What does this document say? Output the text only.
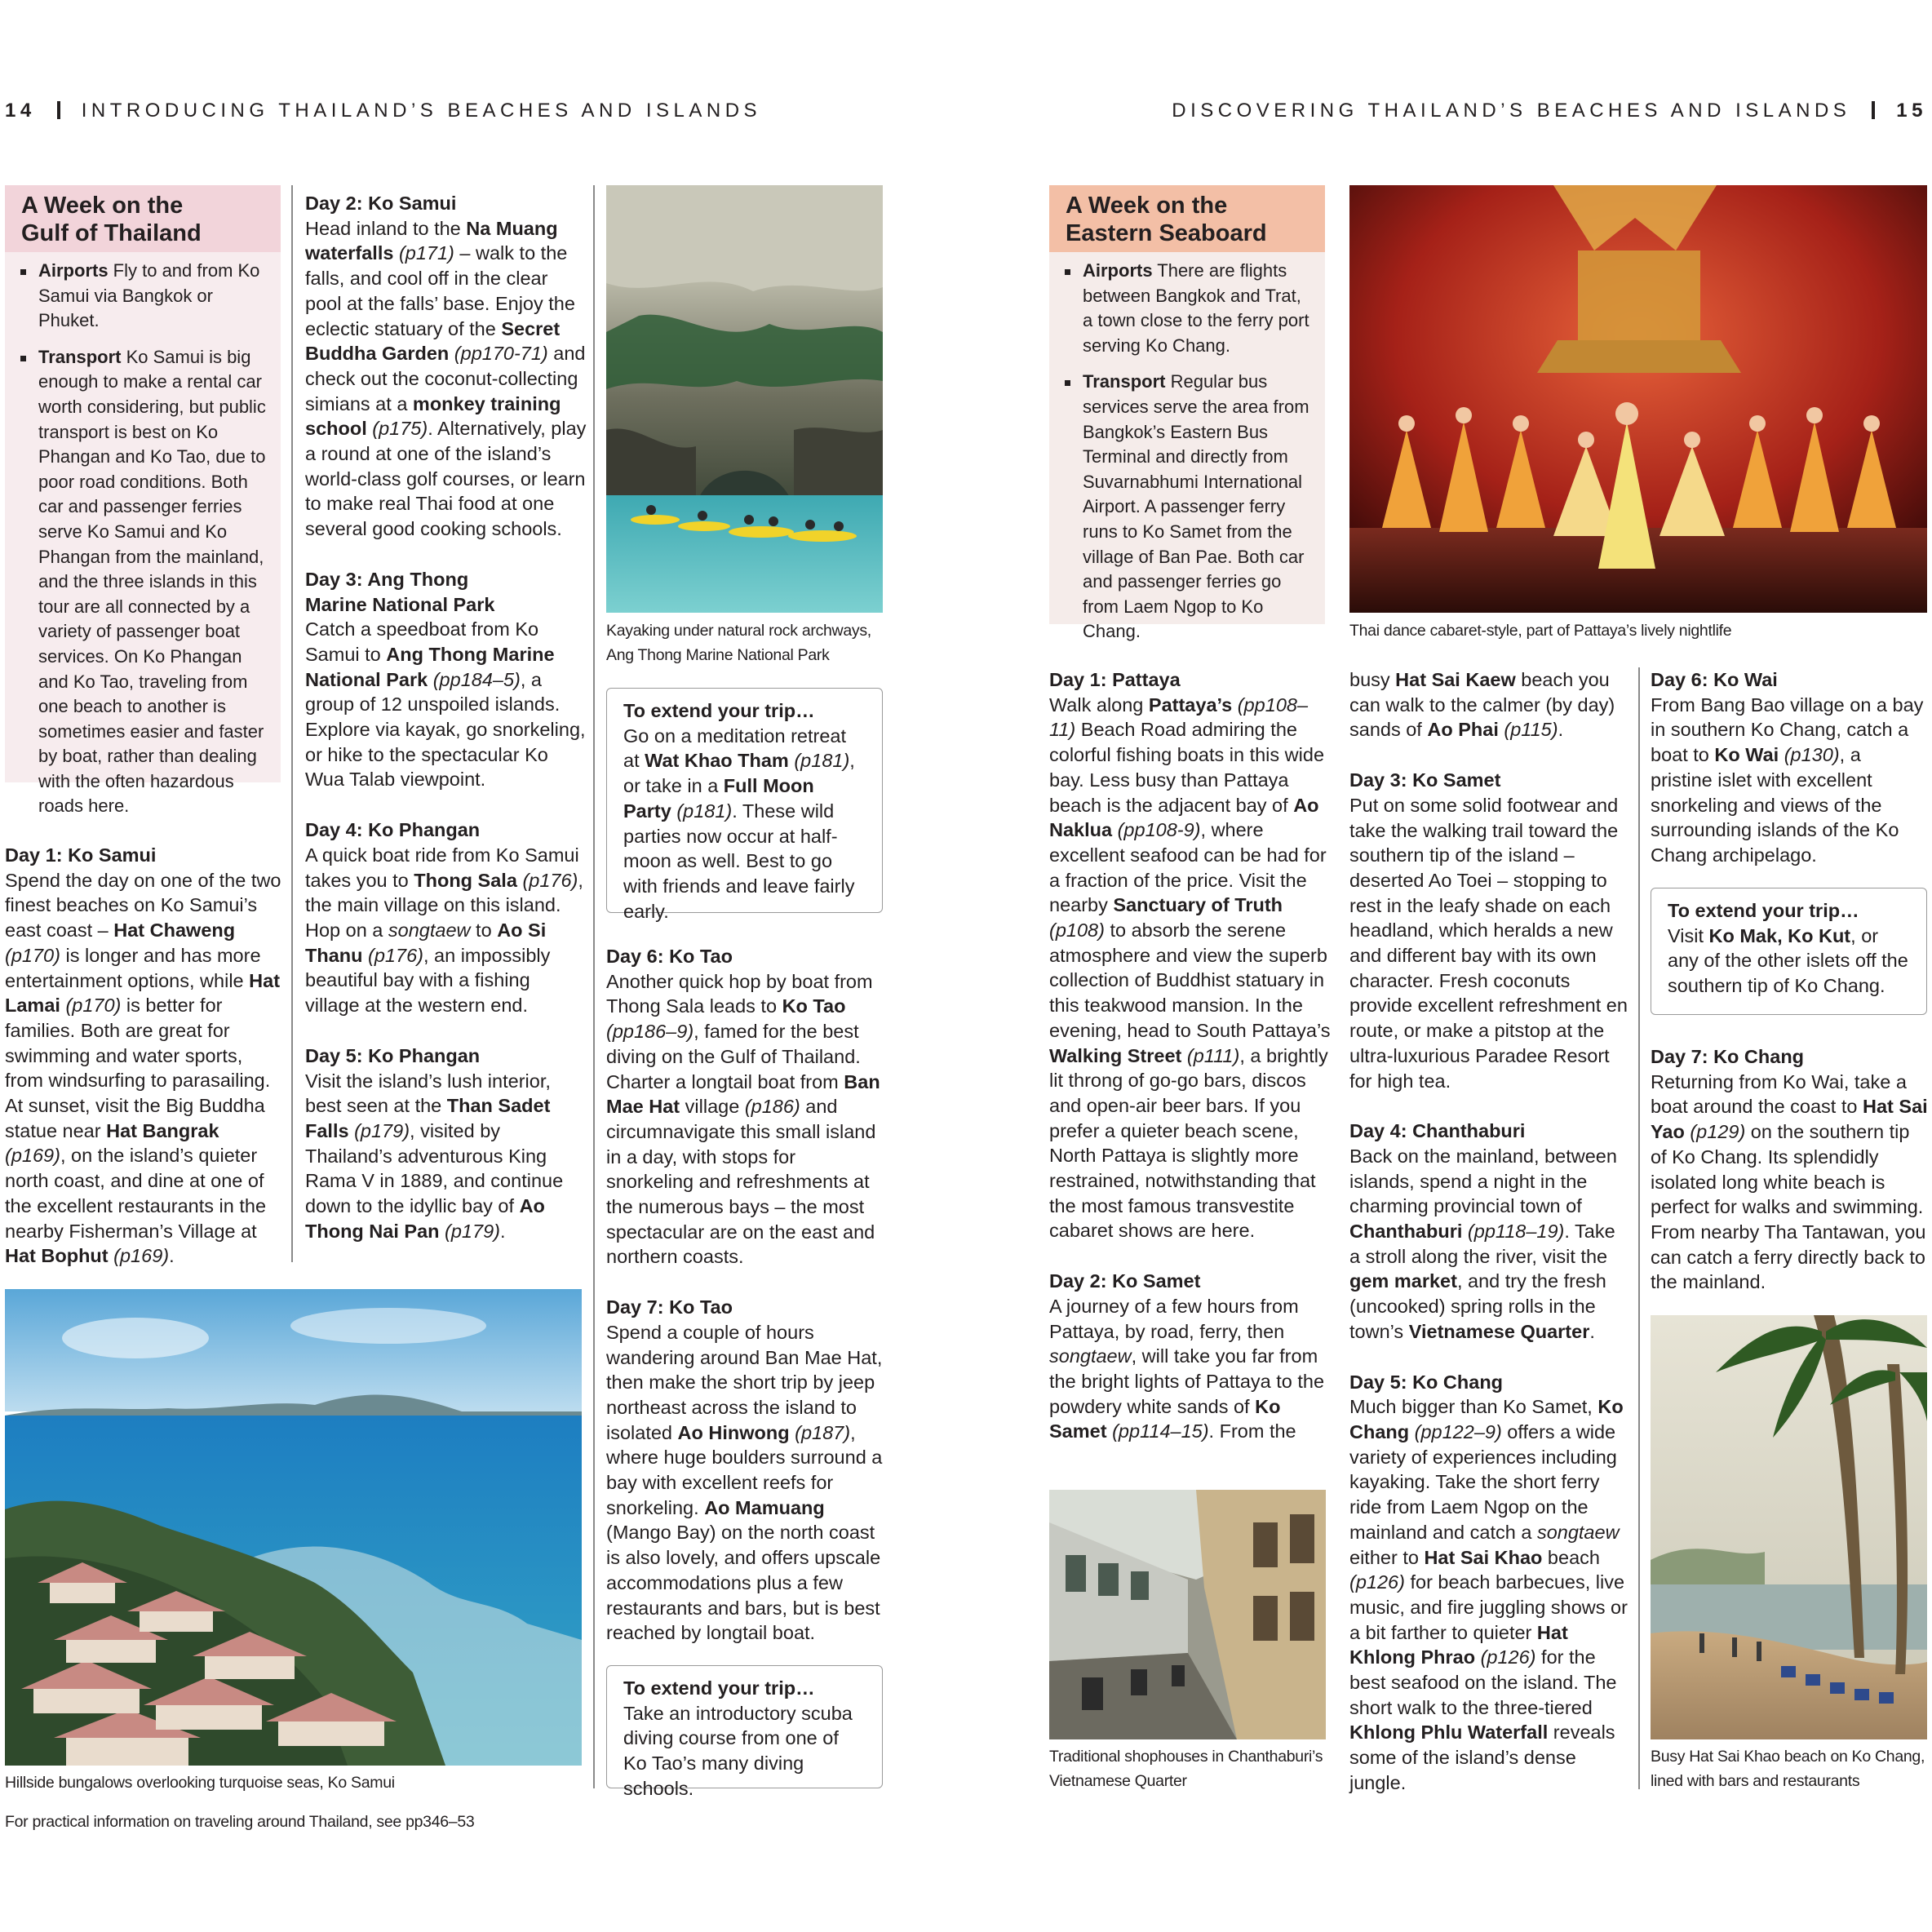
14 INTRODUCING THAILAND’S BEACHES AND ISLANDS	DISCOVERING THAILAND’S BEACHES AND ISLANDS 15
A Week on the
Gulf of Thailand
Airports Fly to and from Ko Samui via Bangkok or Phuket.
Transport Ko Samui is big enough to make a rental car worth considering, but public transport is best on Ko Phangan and Ko Tao, due to poor road conditions. Both car and passenger ferries serve Ko Samui and Ko Phangan from the mainland, and the three islands in this tour are all connected by a variety of passenger boat services. On Ko Phangan and Ko Tao, traveling from one beach to another is sometimes easier and faster by boat, rather than dealing with the often hazardous roads here.

Day 1: Ko Samui
Spend the day on one of the two finest beaches on Ko Samui’s east coast – Hat Chaweng (p170) is longer and has more entertainment options, while Hat Lamai (p170) is better for families. Both are great for swimming and water sports, from windsurfing to parasailing. At sunset, visit the Big Buddha statue near Hat Bangrak (p169), on the island’s quieter north coast, and dine at one of the excellent restaurants in the nearby Fisherman’s Village at Hat Bophut (p169).

Day 2: Ko Samui
Head inland to the Na Muang waterfalls (p171) – walk to the falls, and cool off in the clear pool at the falls’ base. Enjoy the eclectic statuary of the Secret Buddha Garden (pp170-71) and check out the coconut-collecting simians at a monkey training school (p175). Alternatively, play a round at one of the island’s world-class golf courses, or learn to make real Thai food at one several good cooking schools.

Day 3: Ang Thong
Marine National Park
Catch a speedboat from Ko Samui to Ang Thong Marine National Park (pp184–5), a group of 12 unspoiled islands. Explore via kayak, go snorkeling, or hike to the spectacular Ko Wua Talab viewpoint.

Day 4: Ko Phangan
A quick boat ride from Ko Samui takes you to Thong Sala (p176), the main village on this island. Hop on a songtaew to Ao Si Thanu (p176), an impossibly beautiful bay with a fishing village at the western end.

Day 5: Ko Phangan
Visit the island’s lush interior, best seen at the Than Sadet Falls (p179), visited by Thailand’s adventurous King Rama V in 1889, and continue down to the idyllic bay of Ao Thong Nai Pan (p179).

Kayaking under natural rock archways, Ang Thong Marine National Park
To extend your trip…
Go on a meditation retreat at Wat Khao Tham (p181), or take in a Full Moon Party (p181). These wild parties now occur at half-moon as well. Best to go with friends and leave fairly early.

Day 6: Ko Tao
Another quick hop by boat from Thong Sala leads to Ko Tao (pp186–9), famed for the best diving on the Gulf of Thailand. Charter a longtail boat from Ban Mae Hat village (p186) and circumnavigate this small island in a day, with stops for snorkeling and refreshments at the numerous bays – the most spectacular are on the east and northern coasts.

Day 7: Ko Tao
Spend a couple of hours wandering around Ban Mae Hat, then make the short trip by jeep northeast across the island to isolated Ao Hinwong (p187), where huge boulders surround a bay with excellent reefs for snorkeling. Ao Mamuang (Mango Bay) on the north coast is also lovely, and offers upscale accommodations plus a few restaurants and bars, but is best reached by longtail boat.

To extend your trip…
Take an introductory scuba diving course from one of Ko Tao’s many diving schools.
Hillside bungalows overlooking turquoise seas, Ko Samui
For practical information on traveling around Thailand, see pp346–53
A Week on the
Eastern Seaboard
Airports There are flights between Bangkok and Trat, a town close to the ferry port serving Ko Chang.
Transport Regular bus services serve the area from Bangkok’s Eastern Bus Terminal and directly from Suvarnabhumi International Airport. A passenger ferry runs to Ko Samet from the village of Ban Pae. Both car and passenger ferries go from Laem Ngop to Ko Chang.	Thai dance cabaret-style, part of Pattaya’s lively nightlife

Day 1: Pattaya
Walk along Pattaya’s (pp108–11) Beach Road admiring the colorful fishing boats in this wide bay. Less busy than Pattaya beach is the adjacent bay of Ao Naklua (pp108-9), where excellent seafood can be had for a fraction of the price. Visit the nearby Sanctuary of Truth (p108) to absorb the serene atmosphere and view the superb collection of Buddhist statuary in this teakwood mansion. In the evening, head to South Pattaya’s Walking Street (p111), a brightly lit throng of go-go bars, discos and open-air beer bars. If you prefer a quieter beach scene, North Pattaya is slightly more restrained, notwithstanding that the most famous transvestite cabaret shows are here.

Day 2: Ko Samet
A journey of a few hours from Pattaya, by road, ferry, then songtaew, will take you far from the bright lights of Pattaya to the powdery white sands of Ko Samet (pp114–15). From the

Traditional shophouses in Chanthaburi’s Vietnamese Quarter

busy Hat Sai Kaew beach you can walk to the calmer (by day) sands of Ao Phai (p115).

Day 3: Ko Samet
Put on some solid footwear and take the walking trail toward the southern tip of the island – deserted Ao Toei – stopping to rest in the leafy shade on each headland, which heralds a new and different bay with its own character. Fresh coconuts provide excellent refreshment en route, or make a pitstop at the ultra-luxurious Paradee Resort for high tea.

Day 4: Chanthaburi
Back on the mainland, between islands, spend a night in the charming provincial town of Chanthaburi (pp118–19). Take a stroll along the river, visit the gem market, and try the fresh (uncooked) spring rolls in the town’s Vietnamese Quarter.

Day 5: Ko Chang
Much bigger than Ko Samet, Ko Chang (pp122–9) offers a wide variety of experiences including kayaking. Take the short ferry ride from Laem Ngop on the mainland and catch a songtaew either to Hat Sai Khao beach (p126) for beach barbecues, live music, and fire juggling shows or a bit farther to quieter Hat Khlong Phrao (p126) for the best seafood on the island. The short walk to the three-tiered Khlong Phlu Waterfall reveals some of the island’s dense jungle.

Day 6: Ko Wai
From Bang Bao village on a bay in southern Ko Chang, catch a boat to Ko Wai (p130), a pristine islet with excellent snorkeling and views of the surrounding islands of the Ko Chang archipelago.

To extend your trip…
Visit Ko Mak, Ko Kut, or any of the other islets off the southern tip of Ko Chang.

Day 7: Ko Chang
Returning from Ko Wai, take a boat around the coast to Hat Sai Yao (p129) on the southern tip of Ko Chang. Its splendidly isolated long white beach is perfect for walks and swimming. From nearby Tha Tantawan, you can catch a ferry directly back to the mainland.

Busy Hat Sai Khao beach on Ko Chang,
lined with bars and restaurants
